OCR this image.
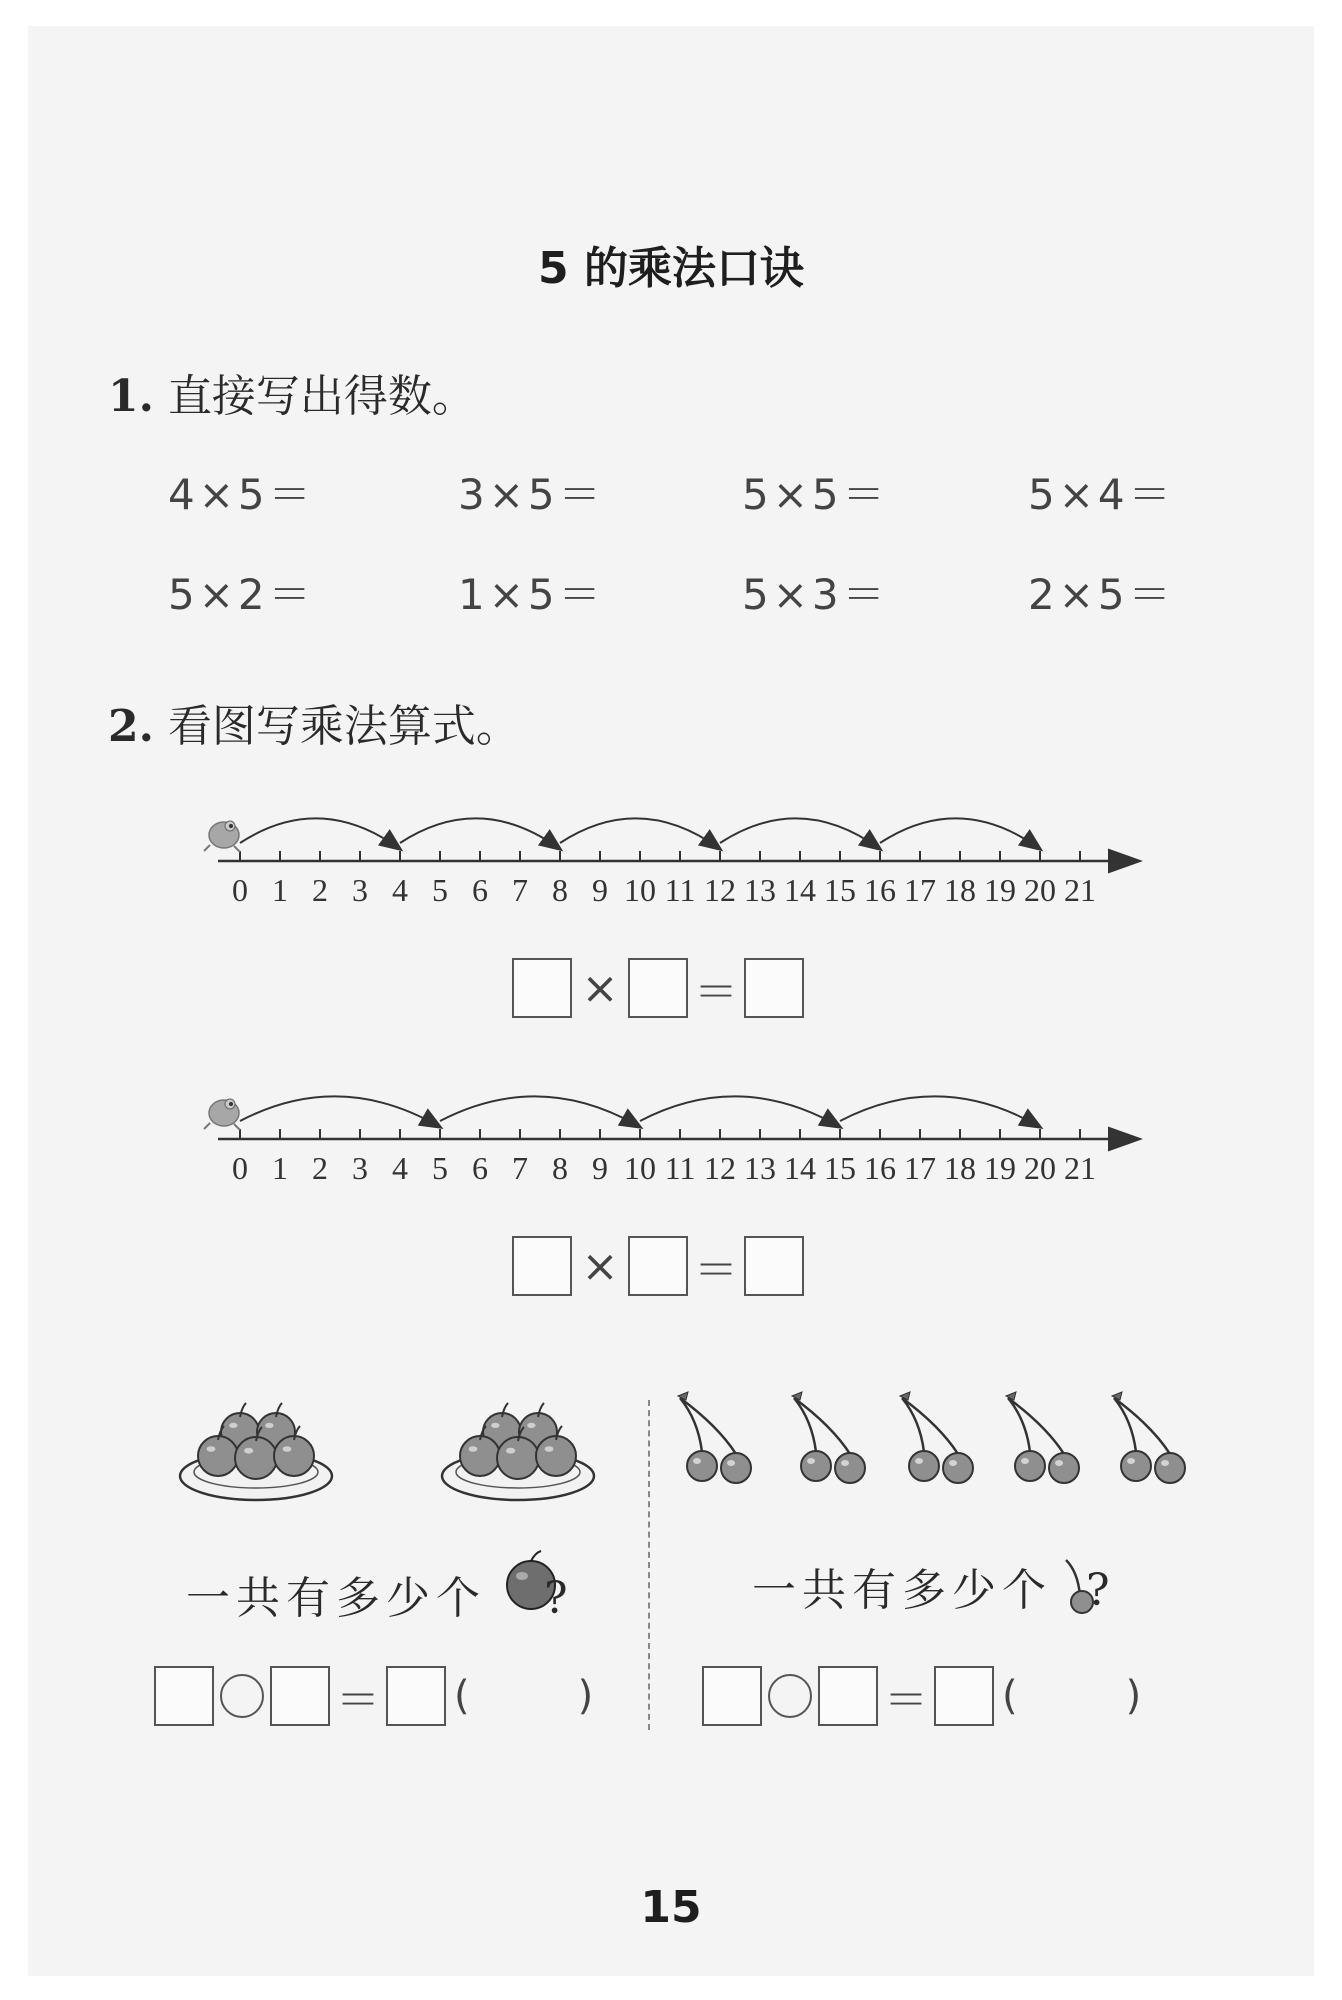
5 的乘法口诀
1. 直接写出得数。
4×5＝	3×5＝	5×5＝	5×4＝
5×2＝	1×5＝	5×3＝	2×5＝
2. 看图写乘法算式。
0 1 2 3 4 5 6 7 8 9 10 11 12 13 14 15 16 17 18 19 20 21
0 1 2 3 4 5 6 7 8 9 10 11 12 13 14 15 16 17 18 19 20 21
× ＝
× ＝
一共有多少个 ?	一共有多少个 ?
＝ (	)	＝ (	)
15
